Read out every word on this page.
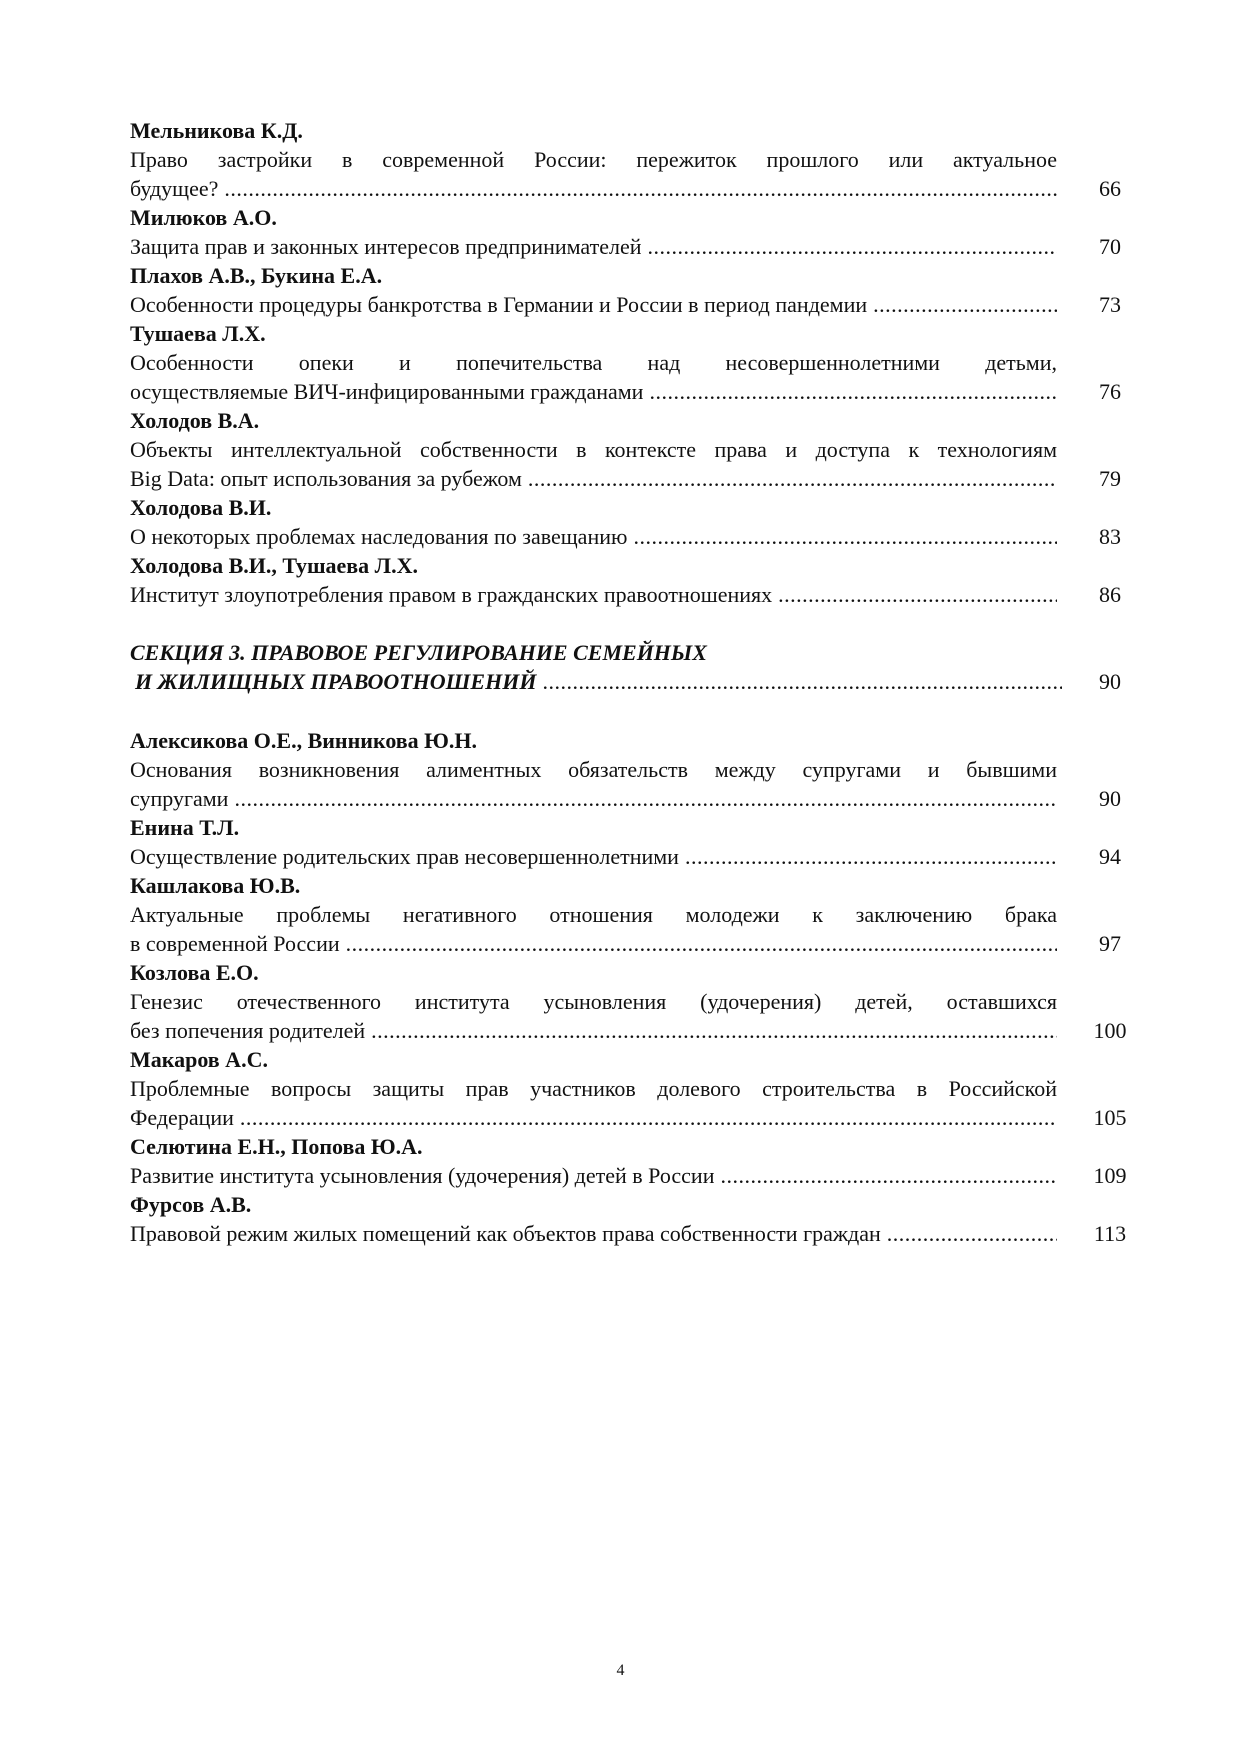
Мельникова К.Д.
Право застройки в современной России: пережиток прошлого или актуальное
будущее? .....	66
Милюков А.О.
Защита прав и законных интересов предпринимателей .....	70
Плахов А.В., Букина Е.А.
Особенности процедуры банкротства в Германии и России в период пандемии .....	73
Тушаева Л.Х.
Особенности опеки и попечительства над несовершеннолетними детьми,
осуществляемые ВИЧ-инфицированными гражданами .....	76
Холодов В.А.
Объекты интеллектуальной собственности в контексте права и доступа к технологиям
Big Data: опыт использования за рубежом .....	79
Холодова В.И.
О некоторых проблемах наследования по завещанию .....	83
Холодова В.И., Тушаева Л.Х.
Институт злоупотребления правом в гражданских правоотношениях .....	86
СЕКЦИЯ 3. ПРАВОВОЕ РЕГУЛИРОВАНИЕ СЕМЕЙНЫХ
И ЖИЛИЩНЫХ ПРАВООТНОШЕНИЙ .....	90
Алексикова О.Е., Винникова Ю.Н.
Основания возникновения алиментных обязательств между супругами и бывшими
супругами .....	90
Енина Т.Л.
Осуществление родительских прав несовершеннолетними .....	94
Кашлакова Ю.В.
Актуальные проблемы негативного отношения молодежи к заключению брака
в современной России .....	97
Козлова Е.О.
Генезис отечественного института усыновления (удочерения) детей, оставшихся
без попечения родителей .....	100
Макаров А.С.
Проблемные вопросы защиты прав участников долевого строительства в Российской
Федерации .....	105
Селютина Е.Н., Попова Ю.А.
Развитие института усыновления (удочерения) детей в России .....	109
Фурсов А.В.
Правовой режим жилых помещений как объектов права собственности граждан .....	113
4
